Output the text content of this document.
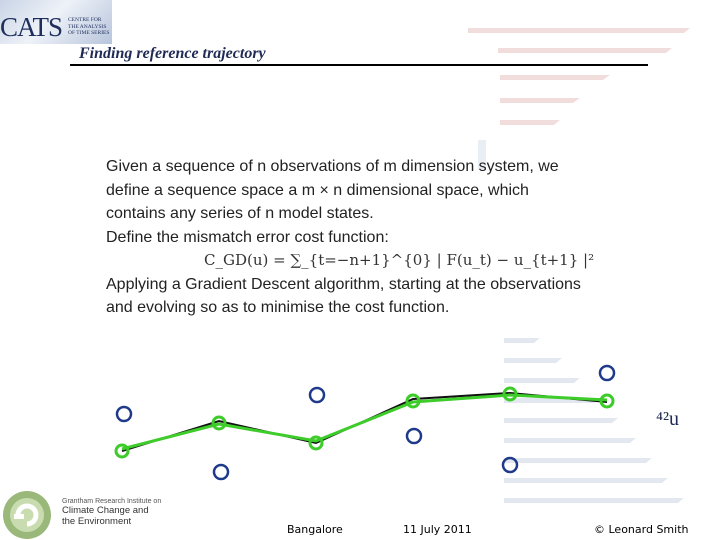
CATS CENTRE FOR
THE ANALYSIS
OF TIME SERIES
Finding reference trajectory

Given a sequence of n observations of m dimension system, we

define a sequence space a m × n dimensional space, which

contains any series of n model states.

Define the mismatch error cost function:

C_GD(u) = ∑_{t=−n+1}^{0} | F(u_t) − u_{t+1} |²

Applying a Gradient Descent algorithm, starting at the observations

and evolving so as to minimise the cost function.

⁴²u
Grantham Research Institute on
Climate Change and
the Environment
Bangalore	11 July 2011	© Leonard Smith
